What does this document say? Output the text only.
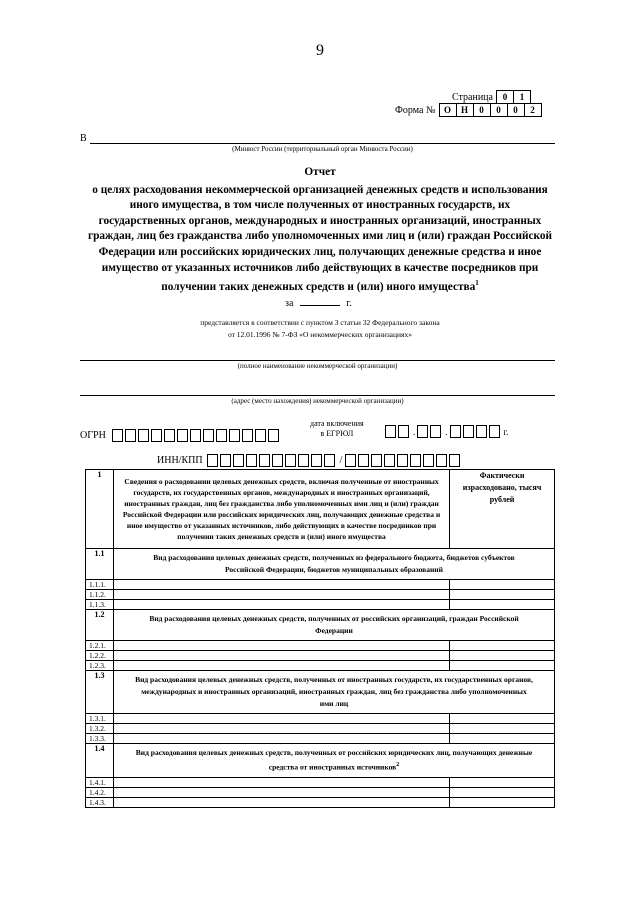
9
Страница	0	1
Форма № О	Н	0	0	0	2
В
(Минюст России (территориальный орган Минюста России)
Отчет
о целях расходования некоммерческой организацией денежных средств и использования
иного имущества, в том числе полученных от иностранных государств, их
государственных органов, международных и иностранных организаций, иностранных
граждан, лиц без гражданства либо уполномоченных ими лиц и (или) граждан Российской
Федерации или российских юридических лиц, получающих денежные средства и иное
имущество от указанных источников либо действующих в качестве посредников при
получении таких денежных средств и (или) иного имущества$^1$
за	г.
представляется в соответствии с пунктом 3 статьи 32 Федерального закона
от 12.01.1996 № 7-ФЗ «О некоммерческих организациях»
(полное наименование некоммерческой организации)
(адрес (место нахождения) некоммерческой организации)
ОГРН
дата включения
в ЕГРЮЛ	.	.	г.
ИНН/КПП	/
1	Сведения о расходовании целевых денежных средств, включая полученные от иностранных государств, их государственных органов, международных и иностранных организаций, иностранных граждан, лиц без гражданства либо уполномоченных ими лиц и (или) граждан Российской Федерации или российских юридических лиц, получающих денежные средства и иное имущество от указанных источников, либо действующих в качестве посредников при получении таких денежных средств и (или) иного имущества	Фактически израсходовано, тысяч рублей
1.1	Вид расходования целевых денежных средств, полученных из федерального бюджета, бюджетов субъектов Российской Федерации, бюджетов муниципальных образований	
1.1.1.		
1.1.2.		
1.1.3.		
1.2	Вид расходования целевых денежных средств, полученных от российских организаций, граждан Российской Федерации	
1.2.1.		
1.2.2.		
1.2.3.		
1.3	Вид расходования целевых денежных средств, полученных от иностранных государств, их государственных органов, международных и иностранных организаций, иностранных граждан, лиц без гражданства либо уполномоченных ими лиц	
1.3.1.		
1.3.2.		
1.3.3.		
1.4	Вид расходования целевых денежных средств, полученных от российских юридических лиц, получающих денежные средства от иностранных источников$^2$
1.4.1.		
1.4.2.		
1.4.3.		
